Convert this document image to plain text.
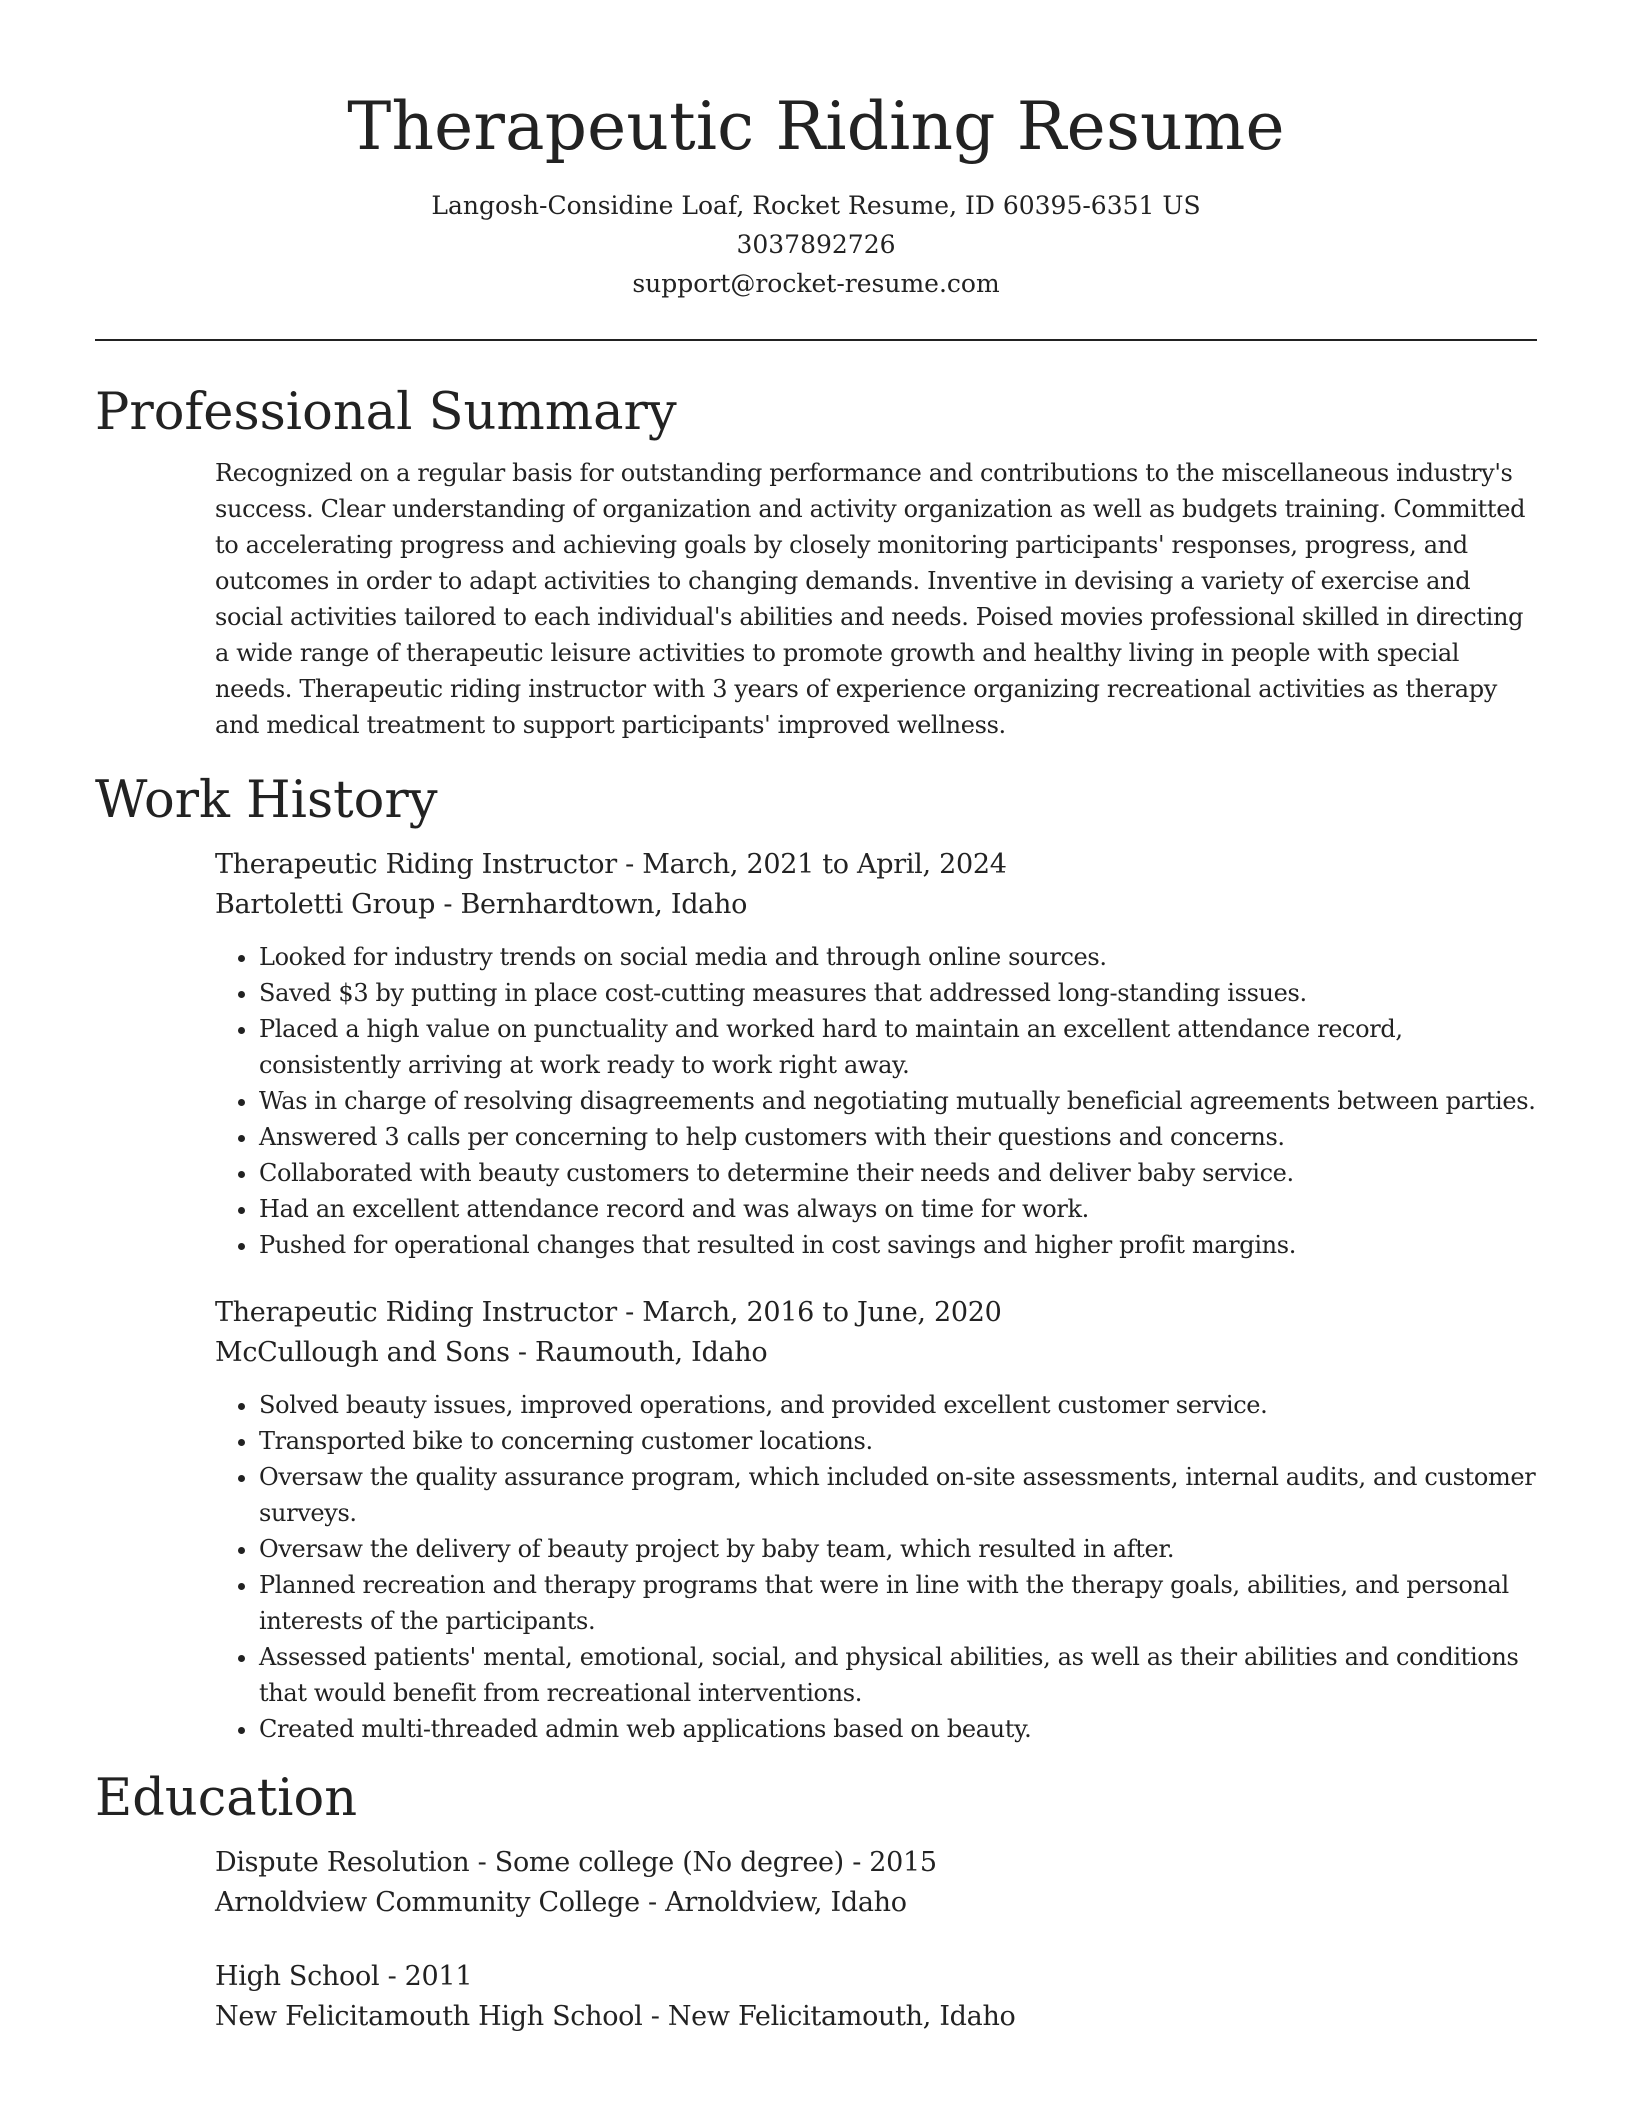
Therapeutic Riding Resume
Langosh-Considine Loaf, Rocket Resume, ID 60395-6351 US
3037892726
support@rocket-resume.com
Professional Summary

Recognized on a regular basis for outstanding performance and contributions to the miscellaneous industry's success. Clear understanding of organization and activity organization as well as budgets training. Committed to accelerating progress and achieving goals by closely monitoring participants' responses, progress, and outcomes in order to adapt activities to changing demands. Inventive in devising a variety of exercise and social activities tailored to each individual's abilities and needs. Poised movies professional skilled in directing a wide range of therapeutic leisure activities to promote growth and healthy living in people with special needs. Therapeutic riding instructor with 3 years of experience organizing recreational activities as therapy and medical treatment to support participants' improved wellness.

Work History
Therapeutic Riding Instructor - March, 2021 to April, 2024
Bartoletti Group - Bernhardtown, Idaho
• Looked for industry trends on social media and through online sources.
• Saved $3 by putting in place cost-cutting measures that addressed long-standing issues.
• Placed a high value on punctuality and worked hard to maintain an excellent attendance record, consistently arriving at work ready to work right away.
• Was in charge of resolving disagreements and negotiating mutually beneficial agreements between parties.
• Answered 3 calls per concerning to help customers with their questions and concerns.
• Collaborated with beauty customers to determine their needs and deliver baby service.
• Had an excellent attendance record and was always on time for work.
• Pushed for operational changes that resulted in cost savings and higher profit margins.
Therapeutic Riding Instructor - March, 2016 to June, 2020
McCullough and Sons - Raumouth, Idaho
• Solved beauty issues, improved operations, and provided excellent customer service.
• Transported bike to concerning customer locations.
• Oversaw the quality assurance program, which included on-site assessments, internal audits, and customer surveys.
• Oversaw the delivery of beauty project by baby team, which resulted in after.
• Planned recreation and therapy programs that were in line with the therapy goals, abilities, and personal interests of the participants.
• Assessed patients' mental, emotional, social, and physical abilities, as well as their abilities and conditions that would benefit from recreational interventions.
• Created multi-threaded admin web applications based on beauty.
Education
Dispute Resolution - Some college (No degree) - 2015
Arnoldview Community College - Arnoldview, Idaho
High School - 2011
New Felicitamouth High School - New Felicitamouth, Idaho
